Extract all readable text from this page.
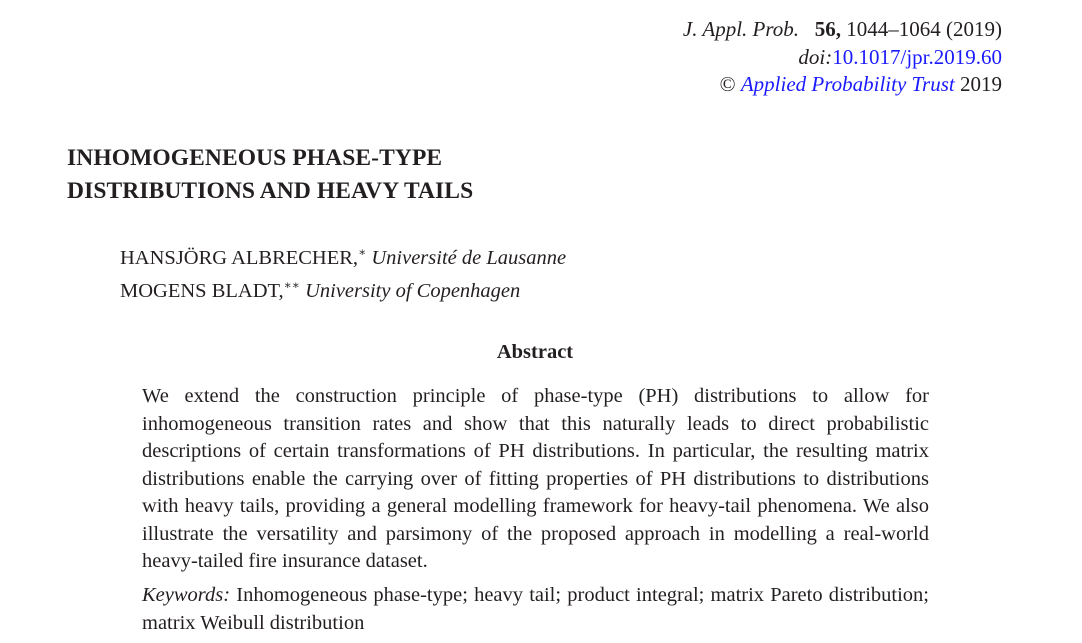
J. Appl. Prob. 56, 1044–1064 (2019)
doi:10.1017/jpr.2019.60
© Applied Probability Trust 2019
INHOMOGENEOUS PHASE-TYPE
DISTRIBUTIONS AND HEAVY TAILS
HANSJÖRG ALBRECHER,∗ Université de Lausanne
MOGENS BLADT,∗∗ University of Copenhagen
Abstract
We extend the construction principle of phase-type (PH) distributions to allow for inhomogeneous transition rates and show that this naturally leads to direct probabilistic descriptions of certain transformations of PH distributions. In particular, the resulting matrix distributions enable the carrying over of fitting properties of PH distributions to distributions with heavy tails, providing a general modelling framework for heavy-tail phenomena. We also illustrate the versatility and parsimony of the proposed approach in modelling a real-world heavy-tailed fire insurance dataset.
Keywords: Inhomogeneous phase-type; heavy tail; product integral; matrix Pareto distribution; matrix Weibull distribution
